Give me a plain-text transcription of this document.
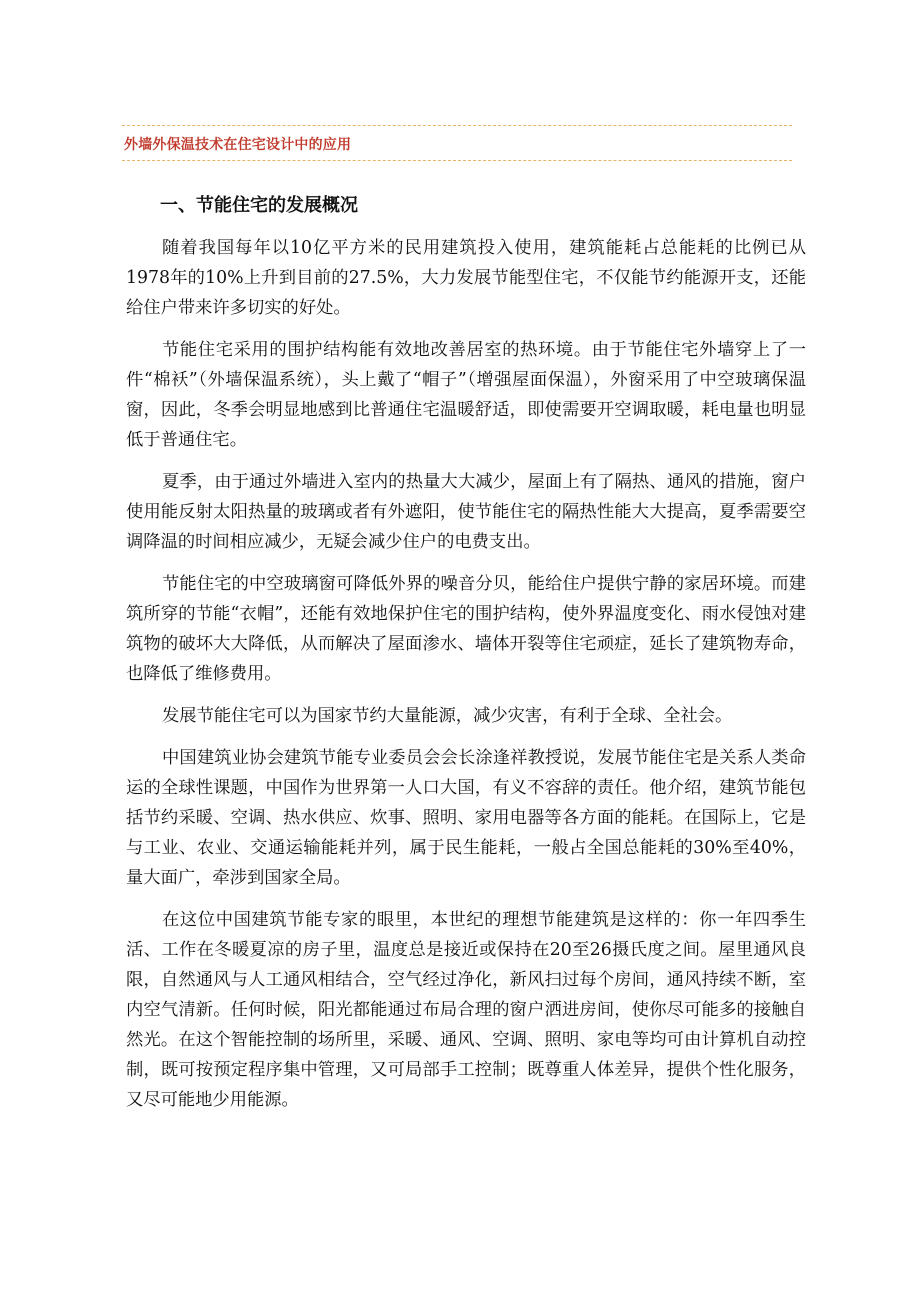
外墙外保温技术在住宅设计中的应用
一、节能住宅的发展概况

随着我国每年以10亿平方米的民用建筑投入使用，建筑能耗占总能耗的比例已从1978年的10%上升到目前的27.5%，大力发展节能型住宅，不仅能节约能源开支，还能给住户带来许多切实的好处。

节能住宅采用的围护结构能有效地改善居室的热环境。由于节能住宅外墙穿上了一件“棉袄”（外墙保温系统），头上戴了“帽子”（增强屋面保温），外窗采用了中空玻璃保温窗，因此，冬季会明显地感到比普通住宅温暖舒适，即使需要开空调取暖，耗电量也明显低于普通住宅。

夏季，由于通过外墙进入室内的热量大大减少，屋面上有了隔热、通风的措施，窗户使用能反射太阳热量的玻璃或者有外遮阳，使节能住宅的隔热性能大大提高，夏季需要空调降温的时间相应减少，无疑会减少住户的电费支出。

节能住宅的中空玻璃窗可降低外界的噪音分贝，能给住户提供宁静的家居环境。而建筑所穿的节能“衣帽”，还能有效地保护住宅的围护结构，使外界温度变化、雨水侵蚀对建筑物的破坏大大降低，从而解决了屋面渗水、墙体开裂等住宅顽症，延长了建筑物寿命，也降低了维修费用。

发展节能住宅可以为国家节约大量能源，减少灾害，有利于全球、全社会。

中国建筑业协会建筑节能专业委员会会长涂逢祥教授说，发展节能住宅是关系人类命运的全球性课题，中国作为世界第一人口大国，有义不容辞的责任。他介绍，建筑节能包括节约采暖、空调、热水供应、炊事、照明、家用电器等各方面的能耗。在国际上，它是与工业、农业、交通运输能耗并列，属于民生能耗，一般占全国总能耗的30%至40%，量大面广，牵涉到国家全局。

在这位中国建筑节能专家的眼里，本世纪的理想节能建筑是这样的：你一年四季生活、工作在冬暖夏凉的房子里，温度总是接近或保持在20至26摄氏度之间。屋里通风良限，自然通风与人工通风相结合，空气经过净化，新风扫过每个房间，通风持续不断，室内空气清新。任何时候，阳光都能通过布局合理的窗户洒进房间，使你尽可能多的接触自然光。在这个智能控制的场所里，采暖、通风、空调、照明、家电等均可由计算机自动控制，既可按预定程序集中管理，又可局部手工控制；既尊重人体差异，提供个性化服务，又尽可能地少用能源。
